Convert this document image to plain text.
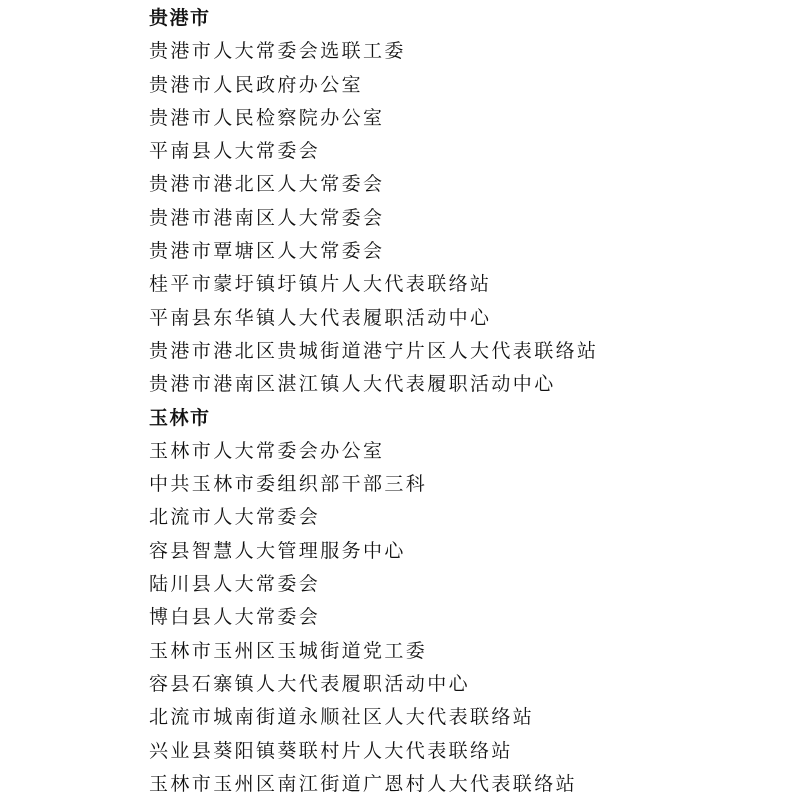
贵港市
贵港市人大常委会选联工委
贵港市人民政府办公室
贵港市人民检察院办公室
平南县人大常委会
贵港市港北区人大常委会
贵港市港南区人大常委会
贵港市覃塘区人大常委会
桂平市蒙圩镇圩镇片人大代表联络站
平南县东华镇人大代表履职活动中心
贵港市港北区贵城街道港宁片区人大代表联络站
贵港市港南区湛江镇人大代表履职活动中心
玉林市
玉林市人大常委会办公室
中共玉林市委组织部干部三科
北流市人大常委会
容县智慧人大管理服务中心
陆川县人大常委会
博白县人大常委会
玉林市玉州区玉城街道党工委
容县石寨镇人大代表履职活动中心
北流市城南街道永顺社区人大代表联络站
兴业县葵阳镇葵联村片人大代表联络站
玉林市玉州区南江街道广恩村人大代表联络站
